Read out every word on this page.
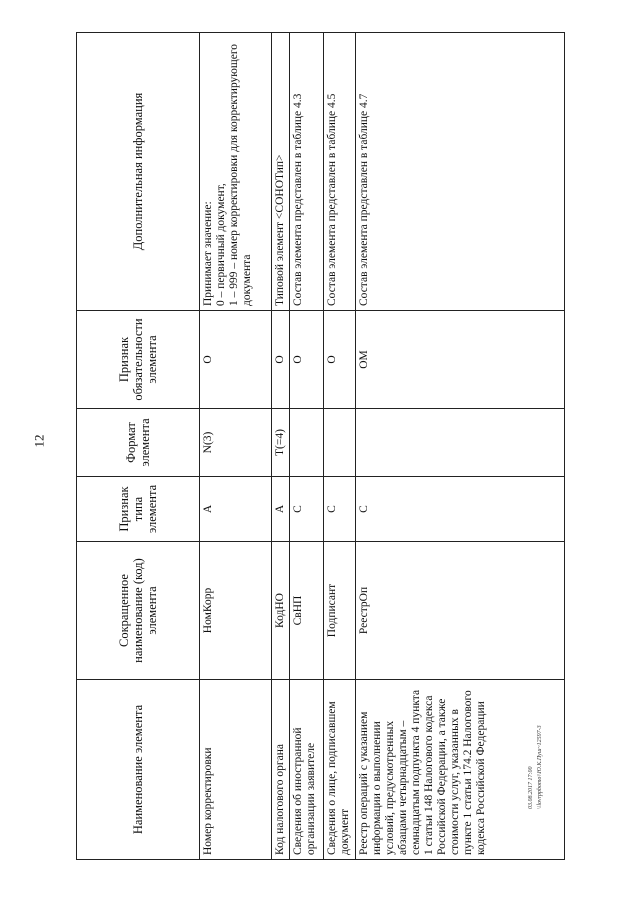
12
Наименование элемента	Сокращенное наименование (код) элемента	Признак типа элемента	Формат элемента	Признак обязательности элемента	Дополнительная информация
Номер корректировки	НомКорр	А	N(3)	О	Принимает значение: 0 – первичный документ, 1 – 999 – номер корректировки для корректирующего документа

Код налогового органа	КодНО	А	T(=4)	О	Типовой элемент <СОНОТип>
Сведения об иностранной организации заявителе	СвНП	С		О	Состав элемента представлен в таблице 4.3
Сведения о лице, подписавшем документ	Подписант	С		О	Состав элемента представлен в таблице 4.5
Реестр операций с указанием информации о выполнении условий, предусмотренных абзацами четырнадцатым – семнадцатым подпункта 4 пункта 1 статьи 148 Налогового кодекса Российской Федерации, а также стоимости услуг, указанных в пункте 1 статьи 174.2 Налогового кодекса Российской Федерации	РеестрОп	С		ОМ	Состав элемента представлен в таблице 4.7
03.08.2017 17:00 \\lovrppbomo\\Ю.К.Пуш~12597-3
